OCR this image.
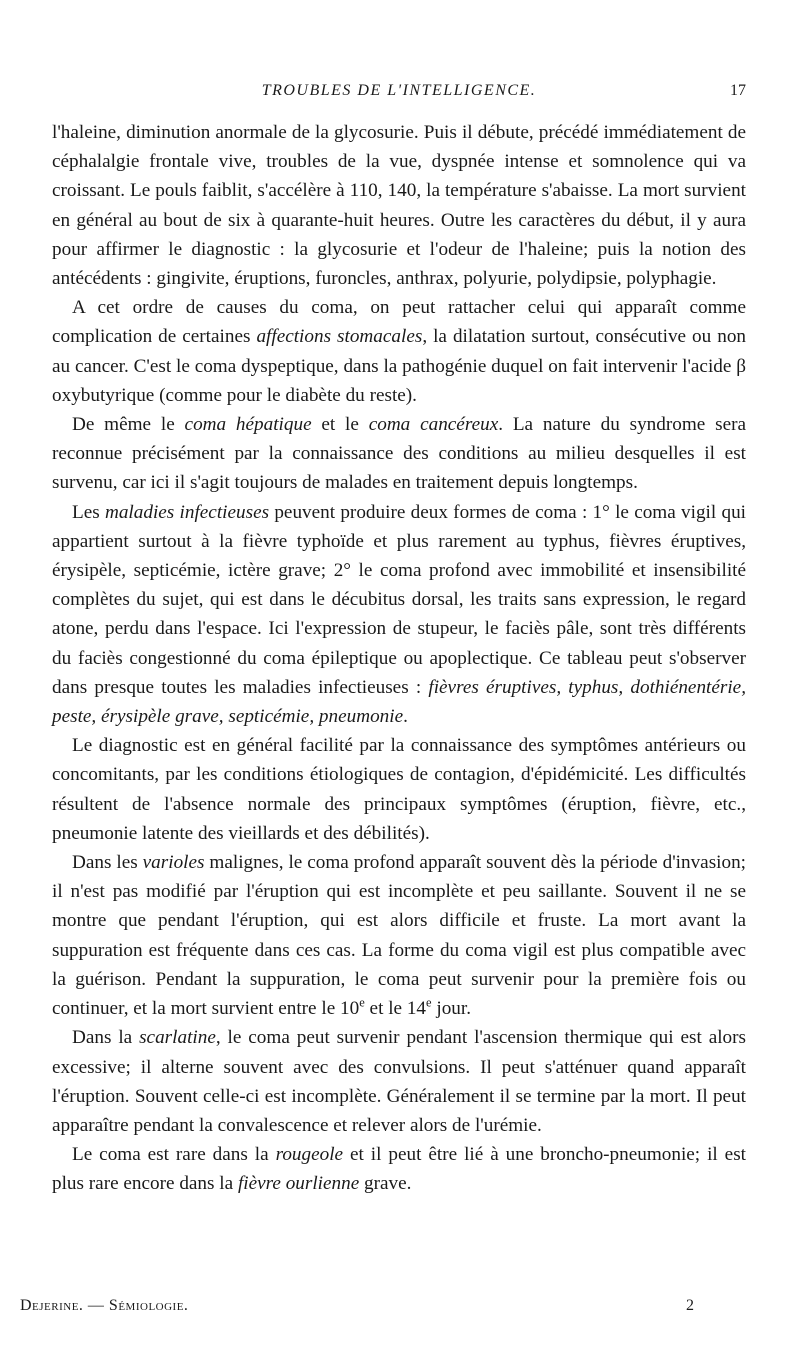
TROUBLES DE L'INTELLIGENCE.	17

l'haleine, diminution anormale de la glycosurie. Puis il débute, précédé immédiatement de céphalalgie frontale vive, troubles de la vue, dyspnée intense et somnolence qui va croissant. Le pouls faiblit, s'accélère à 110, 140, la température s'abaisse. La mort survient en général au bout de six à quarante-huit heures. Outre les caractères du début, il y aura pour affirmer le diagnostic : la glycosurie et l'odeur de l'haleine; puis la notion des antécédents : gingivite, éruptions, furoncles, anthrax, polyurie, polydipsie, polyphagie.

A cet ordre de causes du coma, on peut rattacher celui qui apparaît comme complication de certaines affections stomacales, la dilatation surtout, consécutive ou non au cancer. C'est le coma dyspeptique, dans la pathogénie duquel on fait intervenir l'acide β oxybutyrique (comme pour le diabète du reste).

De même le coma hépatique et le coma cancéreux. La nature du syndrome sera reconnue précisément par la connaissance des conditions au milieu desquelles il est survenu, car ici il s'agit toujours de malades en traitement depuis longtemps.

Les maladies infectieuses peuvent produire deux formes de coma : 1° le coma vigil qui appartient surtout à la fièvre typhoïde et plus rarement au typhus, fièvres éruptives, érysipèle, septicémie, ictère grave; 2° le coma profond avec immobilité et insensibilité complètes du sujet, qui est dans le décubitus dorsal, les traits sans expression, le regard atone, perdu dans l'espace. Ici l'expression de stupeur, le faciès pâle, sont très différents du faciès congestionné du coma épileptique ou apoplectique. Ce tableau peut s'observer dans presque toutes les maladies infectieuses : fièvres éruptives, typhus, dothiénentérie, peste, érysipèle grave, septicémie, pneumonie.

Le diagnostic est en général facilité par la connaissance des symptômes antérieurs ou concomitants, par les conditions étiologiques de contagion, d'épidémicité. Les difficultés résultent de l'absence normale des principaux symptômes (éruption, fièvre, etc., pneumonie latente des vieillards et des débilités).

Dans les varioles malignes, le coma profond apparaît souvent dès la période d'invasion; il n'est pas modifié par l'éruption qui est incomplète et peu saillante. Souvent il ne se montre que pendant l'éruption, qui est alors difficile et fruste. La mort avant la suppuration est fréquente dans ces cas. La forme du coma vigil est plus compatible avec la guérison. Pendant la suppuration, le coma peut survenir pour la première fois ou continuer, et la mort survient entre le 10e et le 14e jour.

Dans la scarlatine, le coma peut survenir pendant l'ascension thermique qui est alors excessive; il alterne souvent avec des convulsions. Il peut s'atténuer quand apparaît l'éruption. Souvent celle-ci est incomplète. Généralement il se termine par la mort. Il peut apparaître pendant la convalescence et relever alors de l'urémie.

Le coma est rare dans la rougeole et il peut être lié à une broncho-pneumonie; il est plus rare encore dans la fièvre ourlienne grave.

Dejerine. — Sémiologie.	2
